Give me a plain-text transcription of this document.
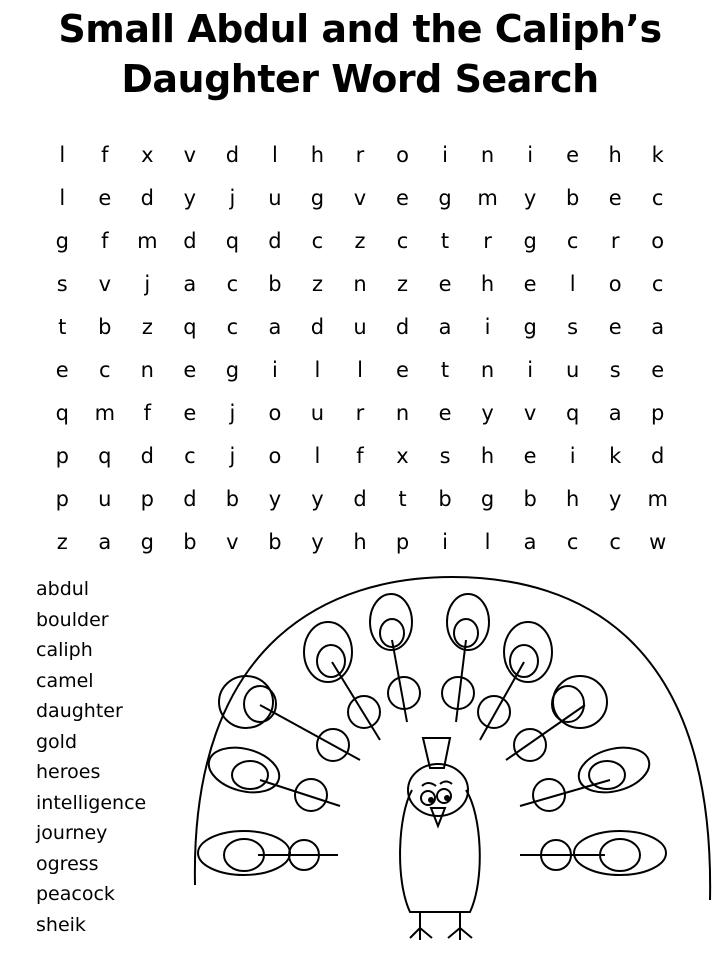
Small Abdul and the Caliph’s
Daughter Word Search
l	f	x	v	d	l	h	r	o	i	n	i	e	h	k
l	e	d	y	j	u	g	v	e	g	m	y	b	e	c
g	f	m	d	q	d	c	z	c	t	r	g	c	r	o
s	v	j	a	c	b	z	n	z	e	h	e	l	o	c
t	b	z	q	c	a	d	u	d	a	i	g	s	e	a
e	c	n	e	g	i	l	l	e	t	n	i	u	s	e
q	m	f	e	j	o	u	r	n	e	y	v	q	a	p
p	q	d	c	j	o	l	f	x	s	h	e	i	k	d
p	u	p	d	b	y	y	d	t	b	g	b	h	y	m
z	a	g	b	v	b	y	h	p	i	l	a	c	c	w
abdul
boulder
caliph
camel
daughter
gold
heroes
intelligence
journey
ogress
peacock
sheik
